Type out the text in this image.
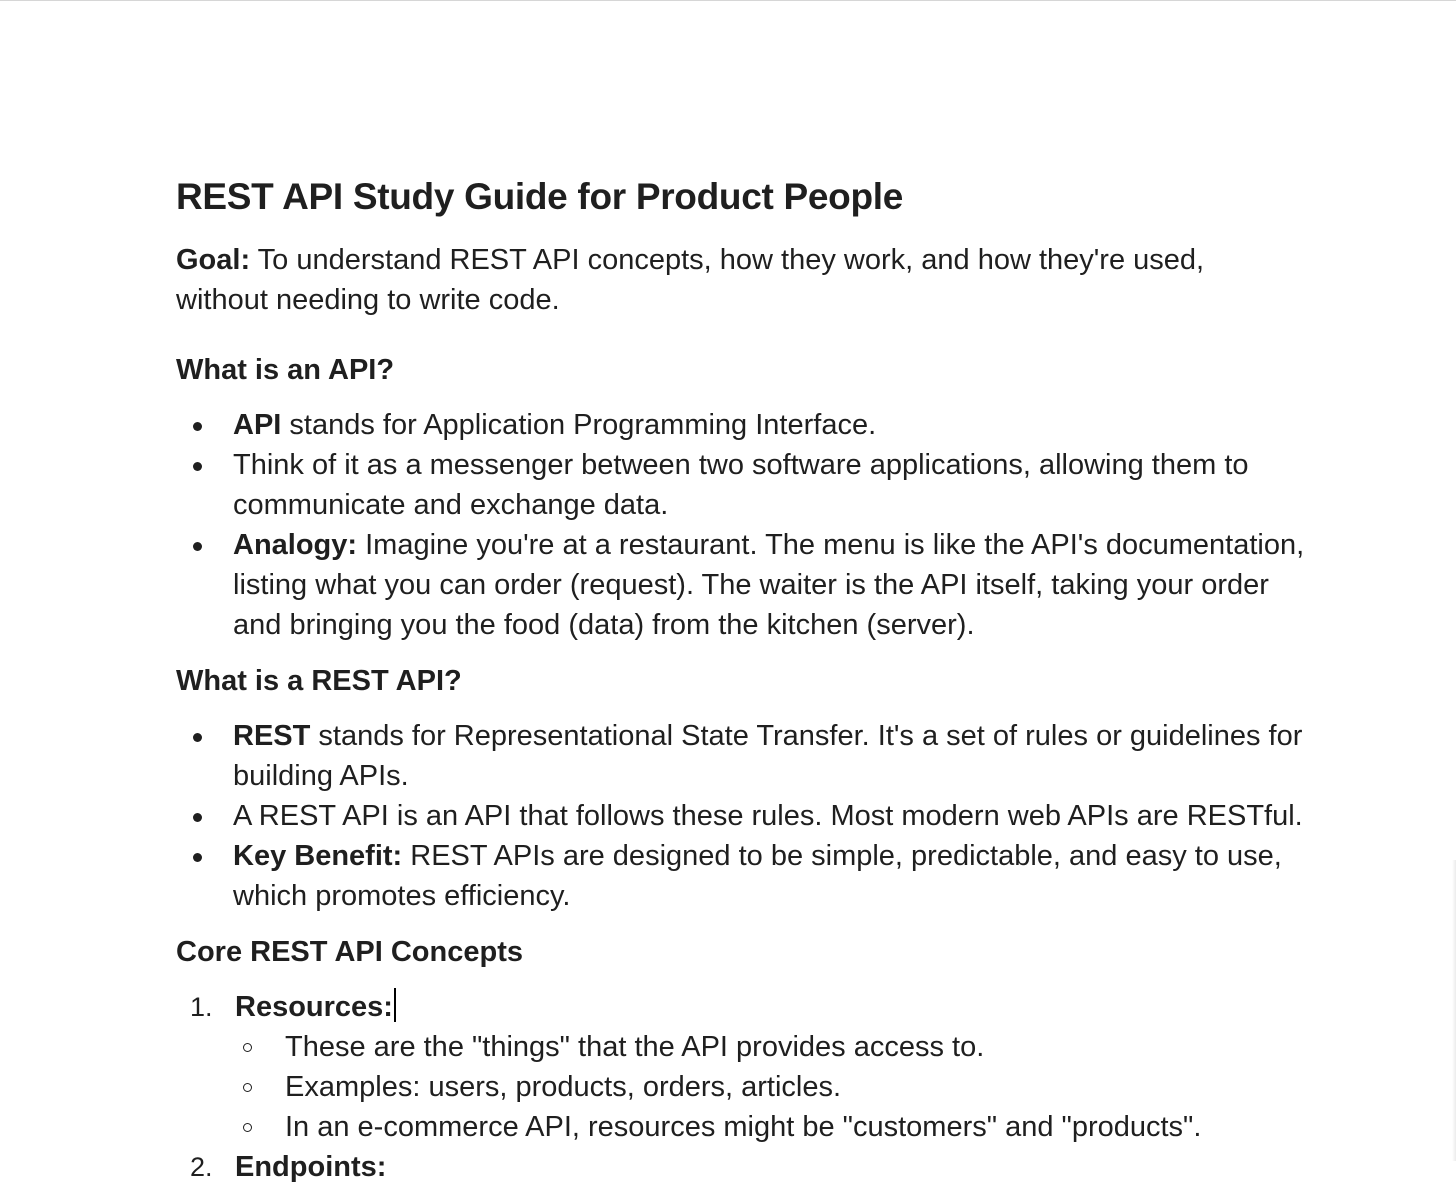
REST API Study Guide for Product People

Goal: To understand REST API concepts, how they work, and how they're used, without needing to write code.

What is an API?
API stands for Application Programming Interface.
Think of it as a messenger between two software applications, allowing them to communicate and exchange data.
Analogy: Imagine you're at a restaurant. The menu is like the API's documentation, listing what you can order (request). The waiter is the API itself, taking your order and bringing you the food (data) from the kitchen (server).
What is a REST API?
REST stands for Representational State Transfer. It's a set of rules or guidelines for building APIs.
A REST API is an API that follows these rules. Most modern web APIs are RESTful.
Key Benefit: REST APIs are designed to be simple, predictable, and easy to use, which promotes efficiency.
Core REST API Concepts
1. Resources:
These are the "things" that the API provides access to.
Examples: users, products, orders, articles.
In an e-commerce API, resources might be "customers" and "products".
2. Endpoints:
